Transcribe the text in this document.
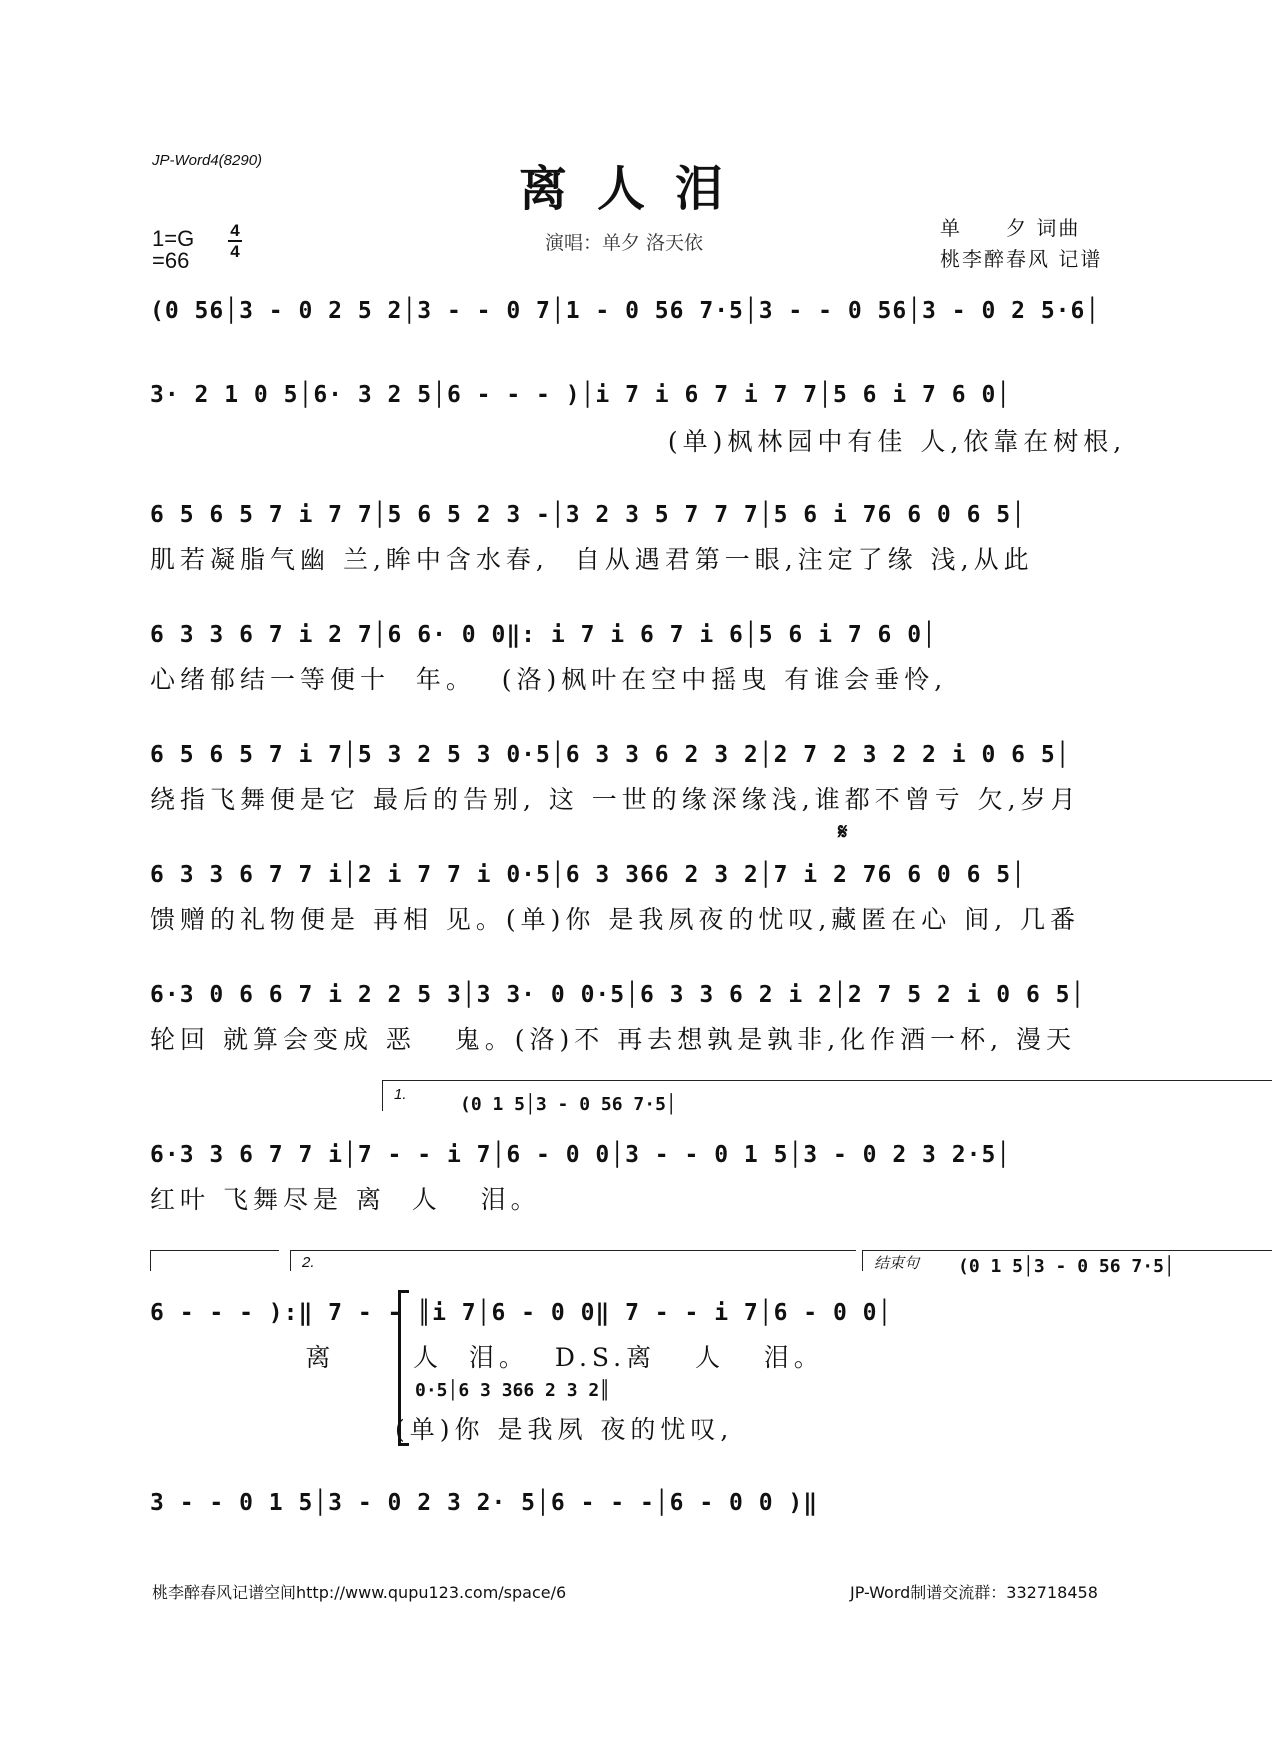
JP-Word4(8290)
离人泪
演唱：单夕 洛天依
单　　夕 词曲
桃李醉春风 记谱
1=G
=66
4
4
(0 56│3 - 0 2 5 2│3 - - 0 7│1 - 0 56 7·5│3 - - 0 56│3 - 0 2 5·6│
3· 2 1 0 5│6· 3 2 5│6 - - - )│i 7 i 6 7 i 7 7│5 6 i 7 6 0│
(单)枫林园中有佳 人,依靠在树根,
6 5 6 5 7 i 7 7│5 6 5 2 3 -│3 2 3 5 7 7 7│5 6 i 76 6 0 6 5│
肌若凝脂气幽 兰,眸中含水春,  自从遇君第一眼,注定了缘 浅,从此
6 3 3 6 7 i 2 7│6 6· 0 0‖: i 7 i 6 7 i 6│5 6 i 7 6 0│
心绪郁结一等便十  年。  (洛)枫叶在空中摇曳 有谁会垂怜,
6 5 6 5 7 i 7│5 3 2 5 3 0·5│6 3 3 6 2 3 2│2 7 2 3 2 2 i 0 6 5│
绕指飞舞便是它 最后的告别, 这 一世的缘深缘浅,谁都不曾亏 欠,岁月
𝄋
6 3 3 6 7 7 i│2 i 7 7 i 0·5│6 3 366 2 3 2│7 i 2 76 6 0 6 5│
馈赠的礼物便是 再相 见。(单)你 是我夙夜的忧叹,藏匿在心 间, 几番
6·3 0 6 6 7 i 2 2 5 3│3 3· 0 0·5│6 3 3 6 2 i 2│2 7 5 2 i 0 6 5│
轮回 就算会变成 恶   鬼。(洛)不 再去想孰是孰非,化作酒一杯, 漫天
1.	(0 1 5│3 - 0 56 7·5│
6·3 3 6 7 7 i│7 - - i 7│6 - 0 0│3 - - 0 1 5│3 - 0 2 3 2·5│
红叶 飞舞尽是 离  人   泪。
2.	结束句 (0 1 5│3 - 0 56 7·5│
6 - - - ):‖ 7 - - ║i 7│6 - 0 0‖ 7 - - i 7│6 - 0 0│
离      人  泪。  D.S.离   人   泪。
0·5│6 3 366 2 3 2║
(单)你 是我夙 夜的忧叹,
3 - - 0 1 5│3 - 0 2 3 2· 5│6 - - -│6 - 0 0 )‖
桃李醉春风记谱空间http://www.qupu123.com/space/6	JP-Word制谱交流群：332718458
